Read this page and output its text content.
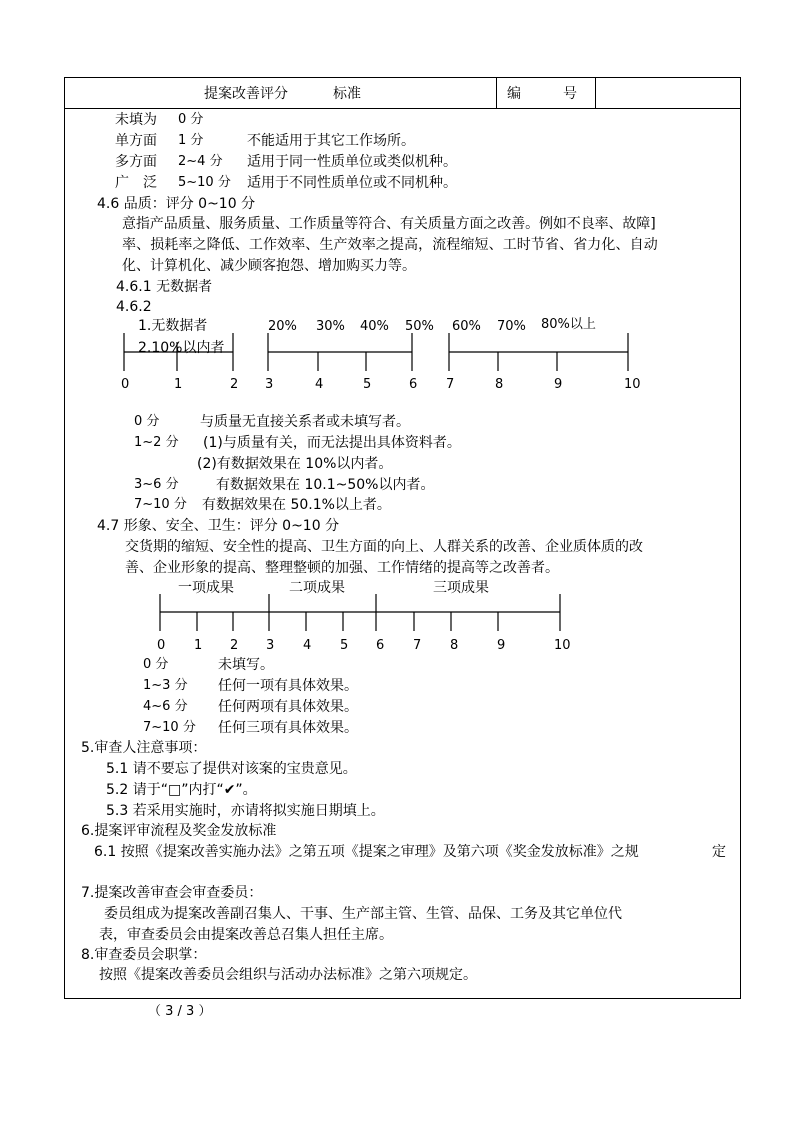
提案改善评分	标准	编	号
未填为 0 分
单方面 1 分	不能适用于其它工作场所。
多方面 2~4 分 适用于同一性质单位或类似机种。
广　泛 5~10 分 适用于不同性质单位或不同机种。
4.6 品质：评分 0~10 分
意指产品质量、服务质量、工作质量等符合、有关质量方面之改善。例如不良率、故障]
率、损耗率之降低、工作效率、生产效率之提高，流程缩短、工时节省、省力化、自动
化、计算机化、减少顾客抱怨、增加购买力等。
4.6.1 无数据者
4.6.2
1.无数据者
2.10%以内者
20% 30% 40% 50% 60% 70% 80%以上
0	1	2 3	4	5	6 7	8	9	10
0 分	与质量无直接关系者或未填写者。
1~2 分 (1)与质量有关，而无法提出具体资料者。
(2)有数据效果在 10%以内者。
3~6 分	有数据效果在 10.1~50%以内者。
7~10 分 有数据效果在 50.1%以上者。
4.7 形象、安全、卫生：评分 0~10 分
交货期的缩短、安全性的提高、卫生方面的向上、人群关系的改善、企业质体质的改
善、企业形象的提高、整理整顿的加强、工作情绪的提高等之改善者。
一项成果	二项成果	三项成果
0 1 2 3 4 5 6 7 8	9	10
0 分	未填写。
1~3 分 任何一项有具体效果。
4~6 分 任何两项有具体效果。
7~10 分 任何三项有具体效果。
5.审查人注意事项：
5.1 请不要忘了提供对该案的宝贵意见。
5.2 请于“□”内打“✔”。
5.3 若采用实施时，亦请将拟实施日期填上。
6.提案评审流程及奖金发放标准
6.1 按照《提案改善实施办法》之第五项《提案之审理》及第六项《奖金发放标准》之规	定
7.提案改善审查会审查委员：
委员组成为提案改善副召集人、干事、生产部主管、生管、品保、工务及其它单位代
表，审查委员会由提案改善总召集人担任主席。
8.审查委员会职掌：
按照《提案改善委员会组织与活动办法标准》之第六项规定。
（ 3 / 3 ）
